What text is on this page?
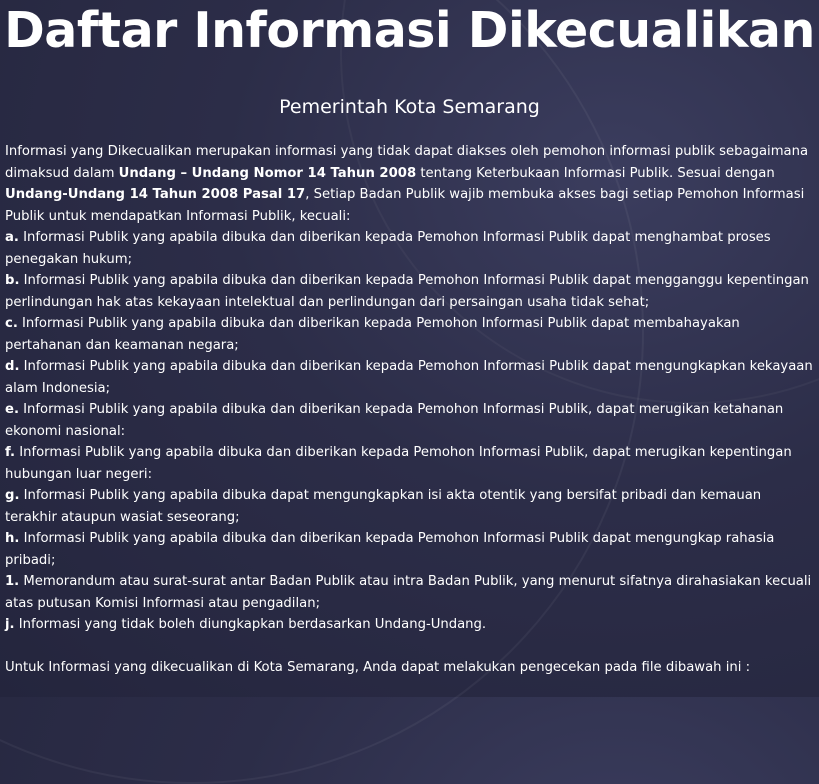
Daftar Informasi Dikecualikan
Pemerintah Kota Semarang

Informasi yang Dikecualikan merupakan informasi yang tidak dapat diakses oleh pemohon informasi publik sebagaimana dimaksud dalam Undang – Undang Nomor 14 Tahun 2008 tentang Keterbukaan Informasi Publik. Sesuai dengan Undang-Undang 14 Tahun 2008 Pasal 17, Setiap Badan Publik wajib membuka akses bagi setiap Pemohon Informasi Publik untuk mendapatkan Informasi Publik, kecuali:

a. Informasi Publik yang apabila dibuka dan diberikan kepada Pemohon Informasi Publik dapat menghambat proses penegakan hukum;

b. Informasi Publik yang apabila dibuka dan diberikan kepada Pemohon Informasi Publik dapat mengganggu kepentingan perlindungan hak atas kekayaan intelektual dan perlindungan dari persaingan usaha tidak sehat;

c. Informasi Publik yang apabila dibuka dan diberikan kepada Pemohon Informasi Publik dapat membahayakan pertahanan dan keamanan negara;

d. Informasi Publik yang apabila dibuka dan diberikan kepada Pemohon Informasi Publik dapat mengungkapkan kekayaan alam Indonesia;

e. Informasi Publik yang apabila dibuka dan diberikan kepada Pemohon Informasi Publik, dapat merugikan ketahanan ekonomi nasional:

f. Informasi Publik yang apabila dibuka dan diberikan kepada Pemohon Informasi Publik, dapat merugikan kepentingan hubungan luar negeri:

g. Informasi Publik yang apabila dibuka dapat mengungkapkan isi akta otentik yang bersifat pribadi dan kemauan terakhir ataupun wasiat seseorang;

h. Informasi Publik yang apabila dibuka dan diberikan kepada Pemohon Informasi Publik dapat mengungkap rahasia pribadi;

1. Memorandum atau surat-surat antar Badan Publik atau intra Badan Publik, yang menurut sifatnya dirahasiakan kecuali atas putusan Komisi Informasi atau pengadilan;

j. Informasi yang tidak boleh diungkapkan berdasarkan Undang-Undang.

Untuk Informasi yang dikecualikan di Kota Semarang, Anda dapat melakukan pengecekan pada file dibawah ini :
